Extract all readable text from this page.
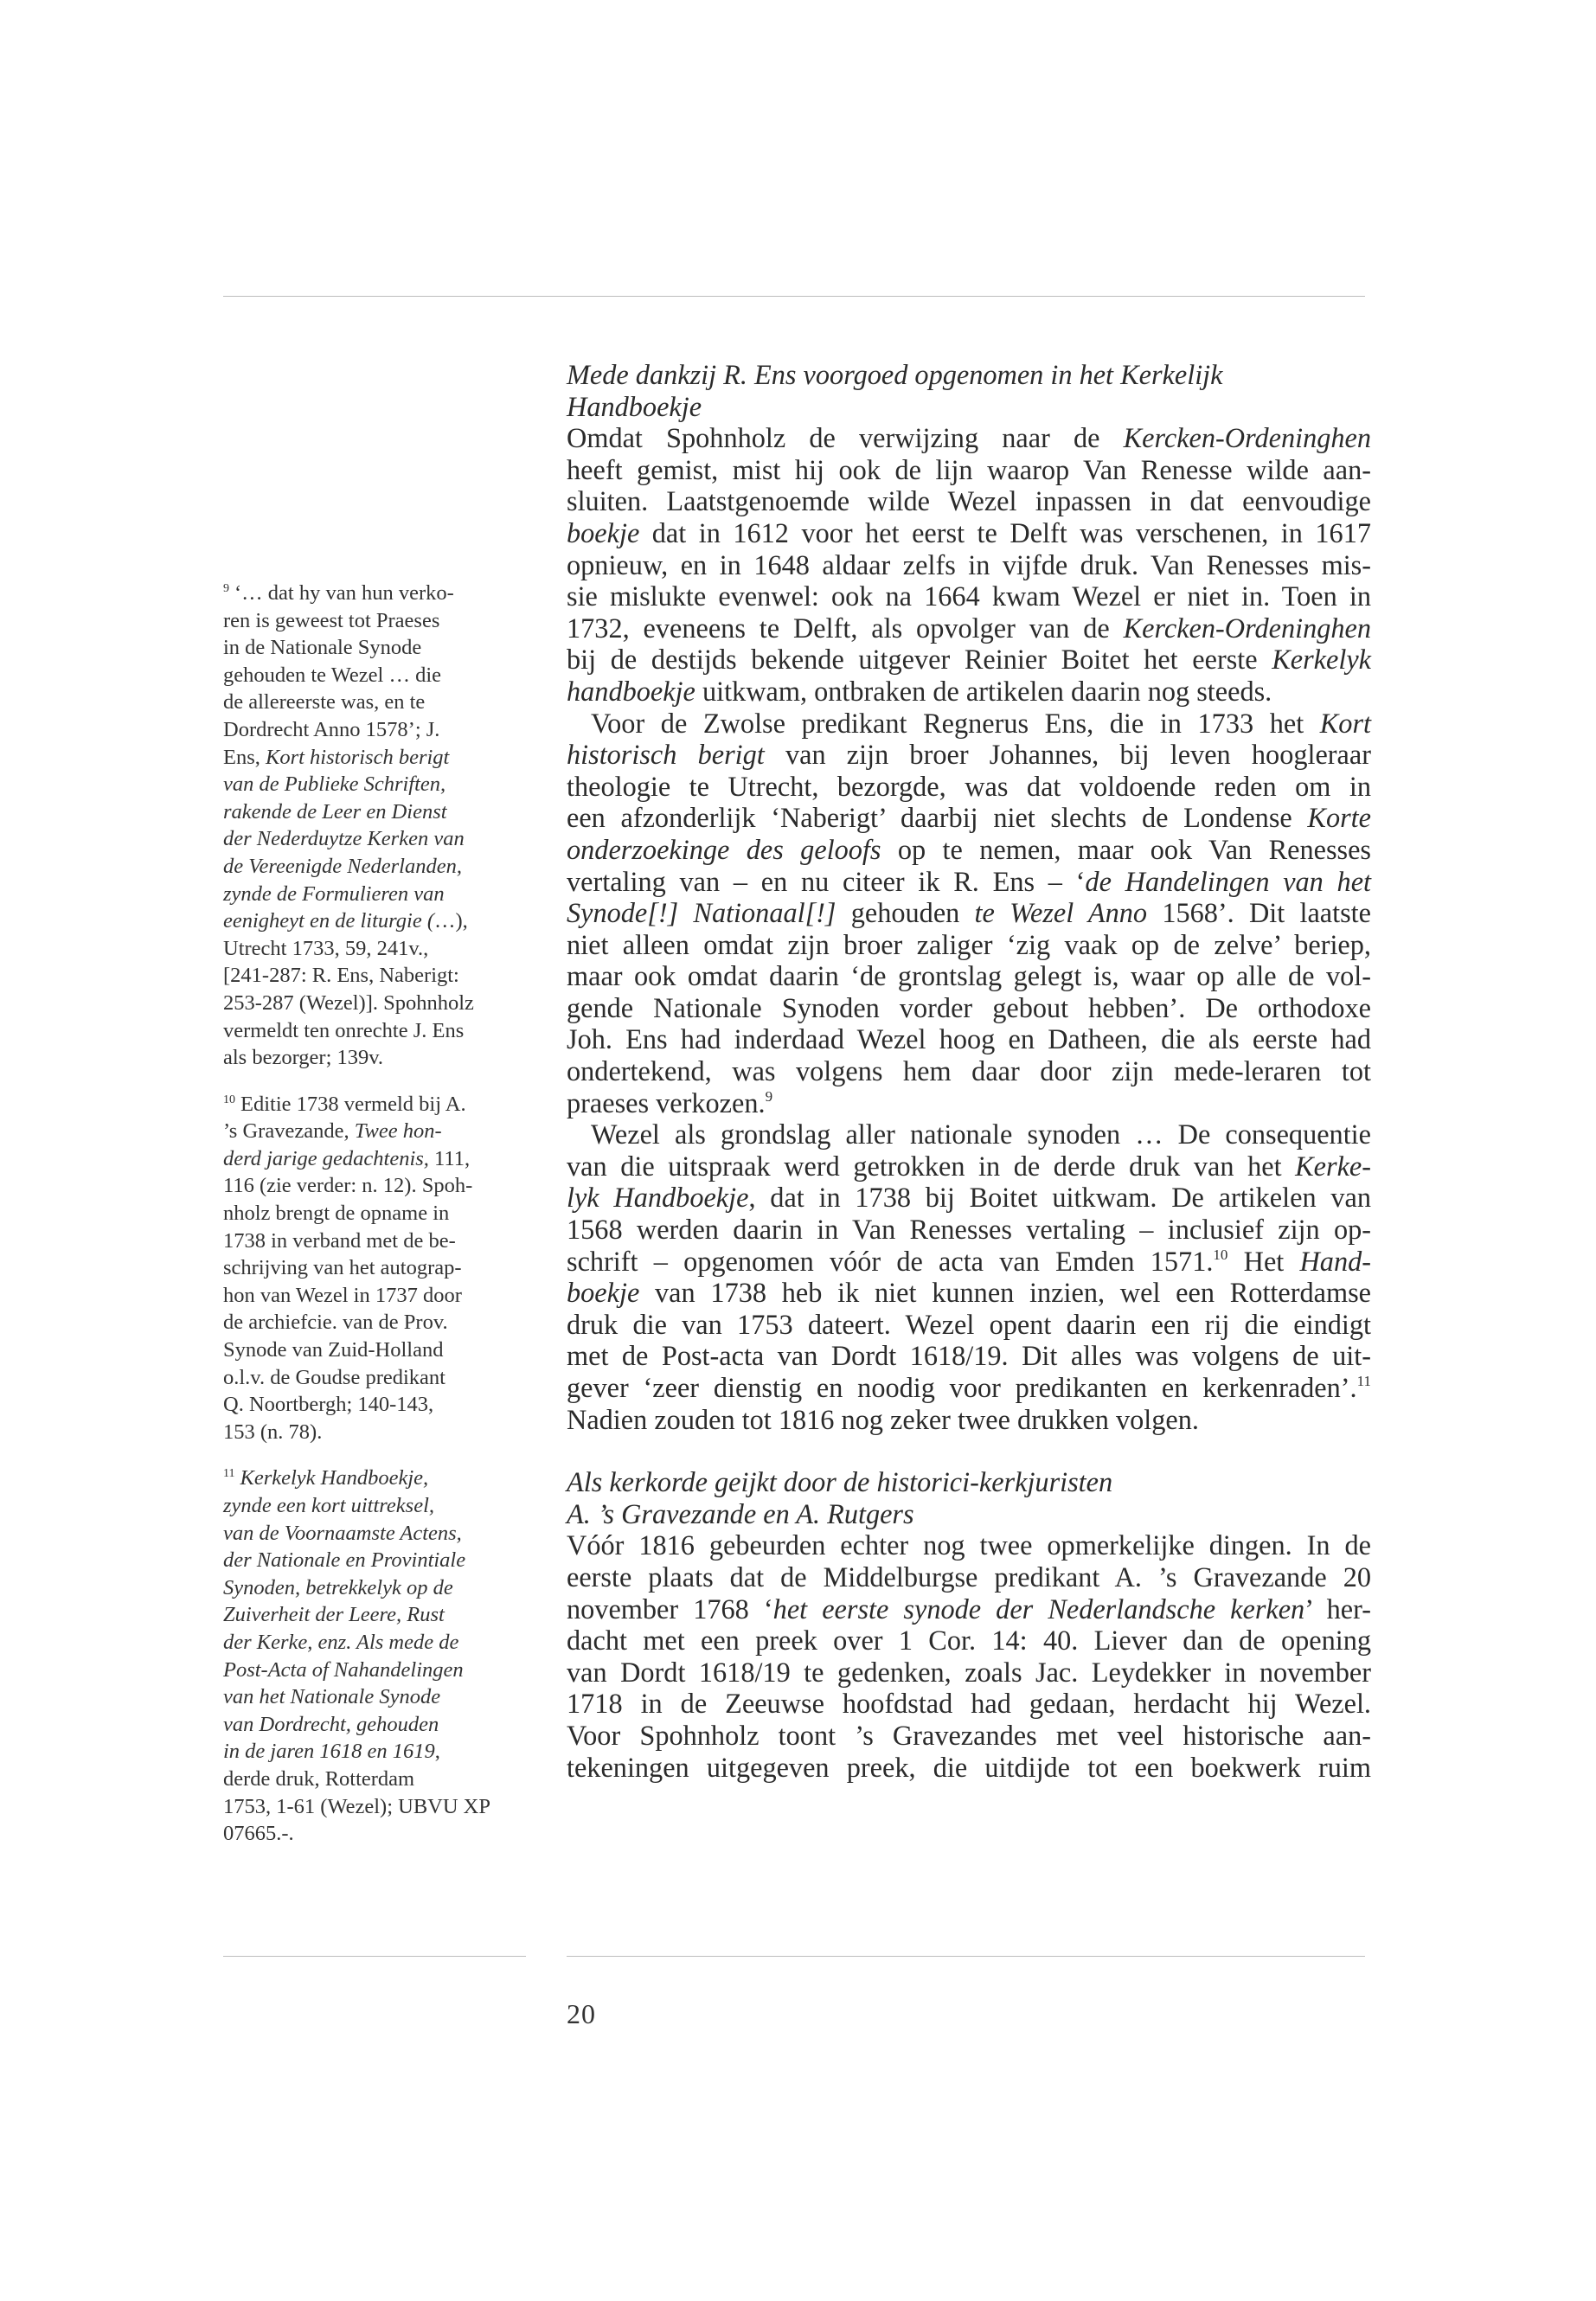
$^9$ ‘… dat hy van hun verko-
ren is geweest tot Praeses
in de Nationale Synode
gehouden te Wezel … die
de allereerste was, en te
Dordrecht Anno 1578’; J.
Ens, Kort historisch berigt
van de Publieke Schriften,
rakende de Leer en Dienst
der Nederduytze Kerken van
de Vereenigde Nederlanden,
zynde de Formulieren van
eenigheyt en de liturgie (…),
Utrecht 1733, 59, 241v.,
[241-287: R. Ens, Naberigt:
253-287 (Wezel)]. Spohnholz
vermeldt ten onrechte J. Ens
als bezorger; 139v.
$^{10}$ Editie 1738 vermeld bij A.
’s Gravezande, Twee hon-
derd jarige gedachtenis, 111,
116 (zie verder: n. 12). Spoh-
nholz brengt de opname in
1738 in verband met de be-
schrijving van het autograp-
hon van Wezel in 1737 door
de archiefcie. van de Prov.
Synode van Zuid-Holland
o.l.v. de Goudse predikant
Q. Noortbergh; 140-143,
153 (n. 78).
$^{11}$ Kerkelyk Handboekje,
zynde een kort uittreksel,
van de Voornaamste Actens,
der Nationale en Provintiale
Synoden, betrekkelyk op de
Zuiverheit der Leere, Rust
der Kerke, enz. Als mede de
Post-Acta of Nahandelingen
van het Nationale Synode
van Dordrecht, gehouden
in de jaren 1618 en 1619,
derde druk, Rotterdam
1753, 1-61 (Wezel); UBVU XP
07665.-.
Mede dankzij R. Ens voorgoed opgenomen in het Kerkelijk
Handboekje
Omdat Spohnholz de verwijzing naar de Kercken-Ordeninghen
heeft gemist, mist hij ook de lijn waarop Van Renesse wilde aan-
sluiten. Laatstgenoemde wilde Wezel inpassen in dat eenvoudige
boekje dat in 1612 voor het eerst te Delft was verschenen, in 1617
opnieuw, en in 1648 aldaar zelfs in vijfde druk. Van Renesses mis-
sie mislukte evenwel: ook na 1664 kwam Wezel er niet in. Toen in
1732, eveneens te Delft, als opvolger van de Kercken-Ordeninghen
bij de destijds bekende uitgever Reinier Boitet het eerste Kerkelyk
handboekje uitkwam, ontbraken de artikelen daarin nog steeds.
Voor de Zwolse predikant Regnerus Ens, die in 1733 het Kort
historisch berigt van zijn broer Johannes, bij leven hoogleraar
theologie te Utrecht, bezorgde, was dat voldoende reden om in
een afzonderlijk ‘Naberigt’ daarbij niet slechts de Londense Korte
onderzoekinge des geloofs op te nemen, maar ook Van Renesses
vertaling van – en nu citeer ik R. Ens – ‘de Handelingen van het
Synode[!] Nationaal[!] gehouden te Wezel Anno 1568’. Dit laatste
niet alleen omdat zijn broer zaliger ‘zig vaak op de zelve’ beriep,
maar ook omdat daarin ‘de grontslag gelegt is, waar op alle de vol-
gende Nationale Synoden vorder gebout hebben’. De orthodoxe
Joh. Ens had inderdaad Wezel hoog en Datheen, die als eerste had
ondertekend, was volgens hem daar door zijn mede-leraren tot
praeses verkozen.$^9$
Wezel als grondslag aller nationale synoden … De consequentie
van die uitspraak werd getrokken in de derde druk van het Kerke-
lyk Handboekje, dat in 1738 bij Boitet uitkwam. De artikelen van
1568 werden daarin in Van Renesses vertaling – inclusief zijn op-
schrift – opgenomen vóór de acta van Emden 1571.10 Het Hand-
boekje van 1738 heb ik niet kunnen inzien, wel een Rotterdamse
druk die van 1753 dateert. Wezel opent daarin een rij die eindigt
met de Post-acta van Dordt 1618/19. Dit alles was volgens de uit-
gever ‘zeer dienstig en noodig voor predikanten en kerkenraden’.$^{11}$
Nadien zouden tot 1816 nog zeker twee drukken volgen.
Als kerkorde geijkt door de historici-kerkjuristen
A. ’s Gravezande en A. Rutgers
Vóór 1816 gebeurden echter nog twee opmerkelijke dingen. In de
eerste plaats dat de Middelburgse predikant A. ’s Gravezande 20
november 1768 ‘het eerste synode der Nederlandsche kerken’ her-
dacht met een preek over 1 Cor. 14: 40. Liever dan de opening
van Dordt 1618/19 te gedenken, zoals Jac. Leydekker in november
1718 in de Zeeuwse hoofdstad had gedaan, herdacht hij Wezel.
Voor Spohnholz toont ’s Gravezandes met veel historische aan-
tekeningen uitgegeven preek, die uitdijde tot een boekwerk ruim
20
